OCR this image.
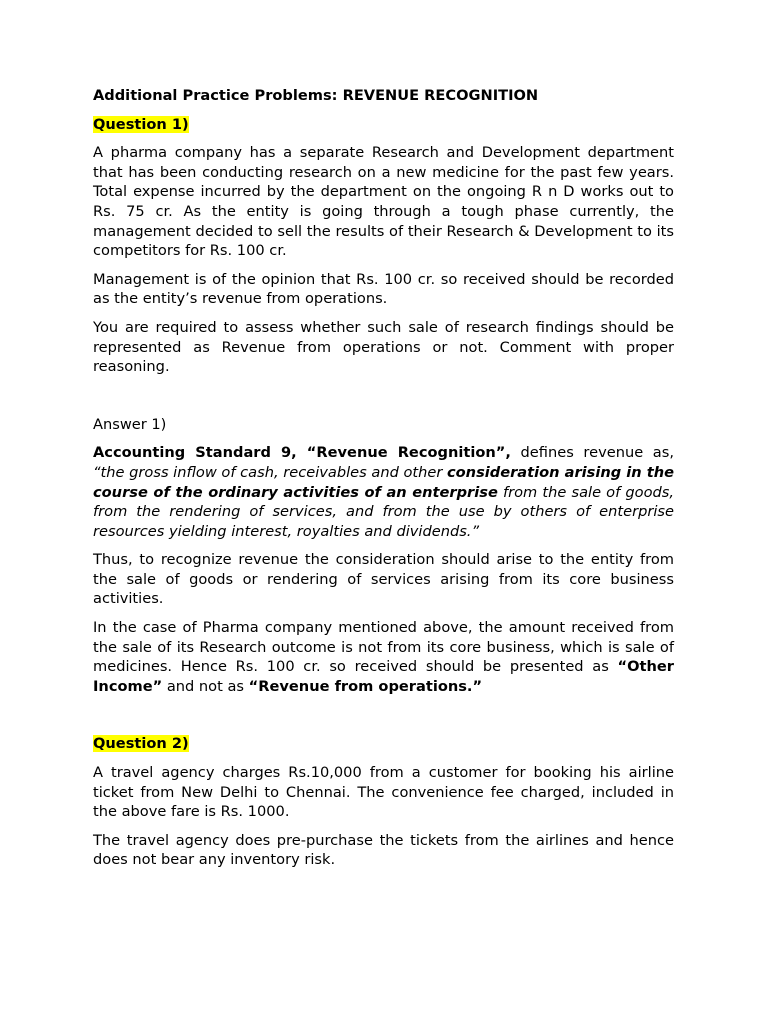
Additional Practice Problems: REVENUE RECOGNITION
Question 1)

A pharma company has a separate Research and Development department that has been conducting research on a new medicine for the past few years. Total expense incurred by the department on the ongoing R n D works out to Rs. 75 cr. As the entity is going through a tough phase currently, the management decided to sell the results of their Research & Development to its competitors for Rs. 100 cr.

Management is of the opinion that Rs. 100 cr. so received should be recorded as the entity’s revenue from operations.

You are required to assess whether such sale of research findings should be represented as Revenue from operations or not. Comment with proper reasoning.

Answer 1)

Accounting Standard 9, “Revenue Recognition”, defines revenue as, “the gross inflow of cash, receivables and other consideration arising in the course of the ordinary activities of an enterprise from the sale of goods, from the rendering of services, and from the use by others of enterprise resources yielding interest, royalties and dividends.”

Thus, to recognize revenue the consideration should arise to the entity from the sale of goods or rendering of services arising from its core business activities.

In the case of Pharma company mentioned above, the amount received from the sale of its Research outcome is not from its core business, which is sale of medicines. Hence Rs. 100 cr. so received should be presented as “Other Income” and not as “Revenue from operations.”

Question 2)

A travel agency charges Rs.10,000 from a customer for booking his airline ticket from New Delhi to Chennai. The convenience fee charged, included in the above fare is Rs. 1000.

The travel agency does pre-purchase the tickets from the airlines and hence does not bear any inventory risk.
